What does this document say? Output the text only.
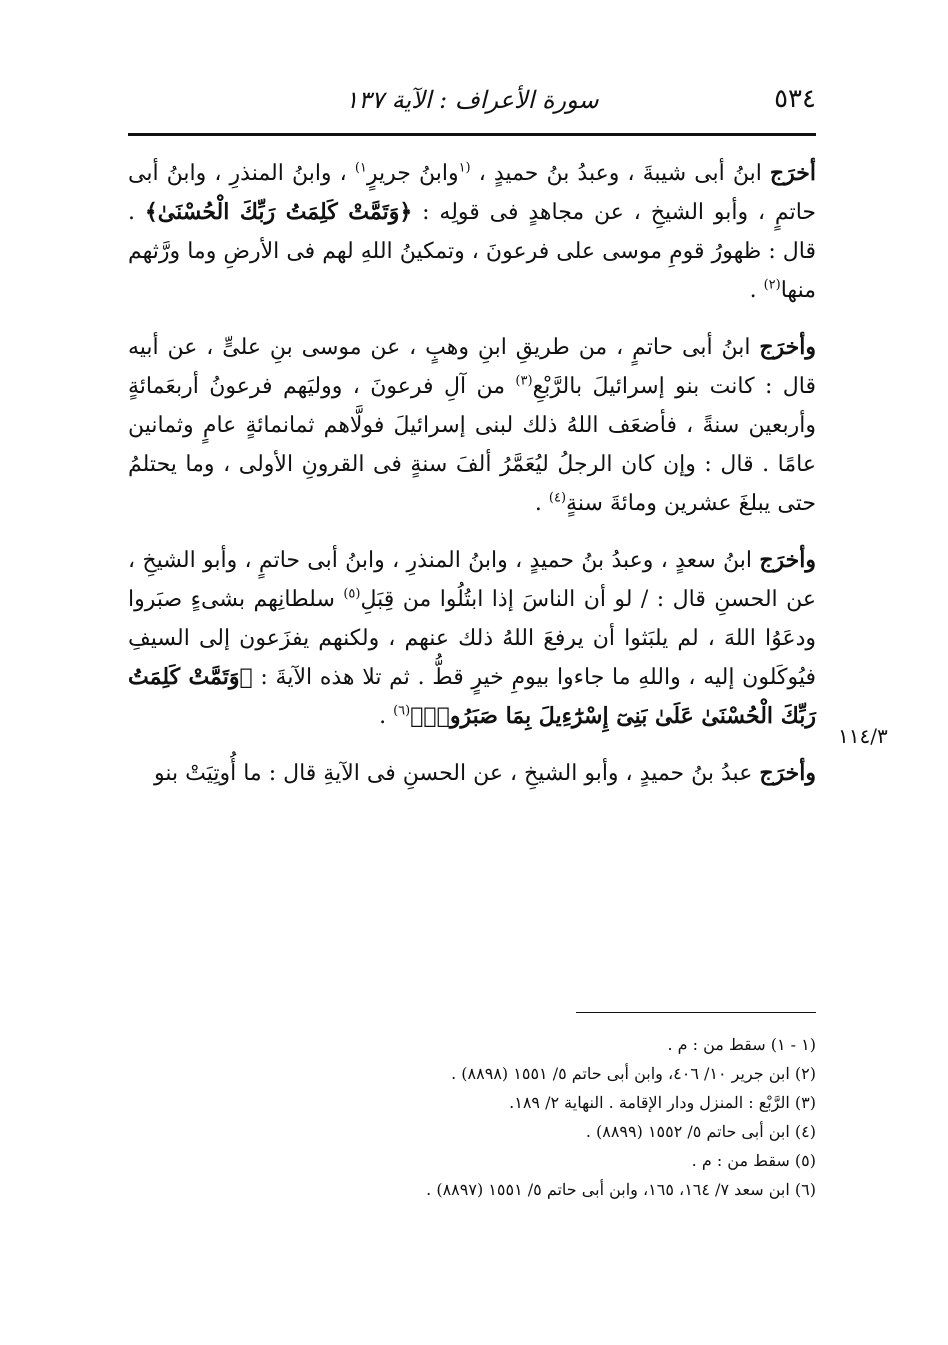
٥٣٤
سورة الأعراف : الآية ١٣٧

أخرَج ابنُ أبى شيبةَ ، وعبدُ بنُ حميدٍ ، $^{(١}$وابنُ جريرٍ$^{١)}$ ، وابنُ المنذرِ ، وابنُ أبى حاتمٍ ، وأبو الشيخِ ، عن مجاهدٍ فى قولِه : ﴿وَتَمَّتْ كَلِمَتُ رَبِّكَ الْحُسْنَىٰ﴾ . قال : ظهورُ قومِ موسى على فرعونَ ، وتمكينُ اللهِ لهم فى الأرضِ وما ورَّثهم منها$^{(٢)}$ .

وأخرَج ابنُ أبى حاتمٍ ، من طريقِ ابنِ وهبٍ ، عن موسى بنِ علىٍّ ، عن أبيه قال : كانت بنو إسرائيلَ بالرَّبْعِ$^{(٣)}$ من آلِ فرعونَ ، ووليَهم فرعونُ أربعَمائةٍ وأربعين سنةً ، فأضعَف اللهُ ذلك لبنى إسرائيلَ فولَّاهم ثمانمائةٍ عامٍ وثمانين عامًا . قال : وإن كان الرجلُ ليُعَمَّرُ ألفَ سنةٍ فى القرونِ الأولى ، وما يحتلمُ حتى يبلغَ عشرين ومائةَ سنةٍ$^{(٤)}$ .

وأخرَج ابنُ سعدٍ ، وعبدُ بنُ حميدٍ ، وابنُ المنذرِ ، وابنُ أبى حاتمٍ ، وأبو الشيخِ ، عن الحسنِ قال : / لو أن الناسَ إذا ابتُلُوا من قِبَلِ$^{(٥)}$ سلطانِهم بشىءٍ صبَروا ودعَوُا اللهَ ، لم يلبَثوا أن يرفعَ اللهُ ذلك عنهم ، ولكنهم يفزَعون إلى السيفِ فيُوكَلون إليه ، واللهِ ما جاءوا بيومِ خيرٍ قطُّ . ثم تلا هذه الآيةَ : ﴿وَتَمَّتْ كَلِمَتُ رَبِّكَ الْحُسْنَىٰ عَلَىٰ بَنِىٓ إِسْرَٰٓءِيلَ بِمَا صَبَرُوا۟﴾$^{(٦)}$ .

وأخرَج عبدُ بنُ حميدٍ ، وأبو الشيخِ ، عن الحسنِ فى الآيةِ قال : ما أُوتِيَتْ بنو

١١٤/٣
(١ - ١) سقط من : م .
(٢) ابن جرير ١٠/ ٤٠٦، وابن أبى حاتم ٥/ ١٥٥١ (٨٨٩٨) .
(٣) الرَّبْع : المنزل ودار الإقامة . النهاية ٢/ ١٨٩.
(٤) ابن أبى حاتم ٥/ ١٥٥٢ (٨٨٩٩) .
(٥) سقط من : م .
(٦) ابن سعد ٧/ ١٦٤، ١٦٥، وابن أبى حاتم ٥/ ١٥٥١ (٨٨٩٧) .
